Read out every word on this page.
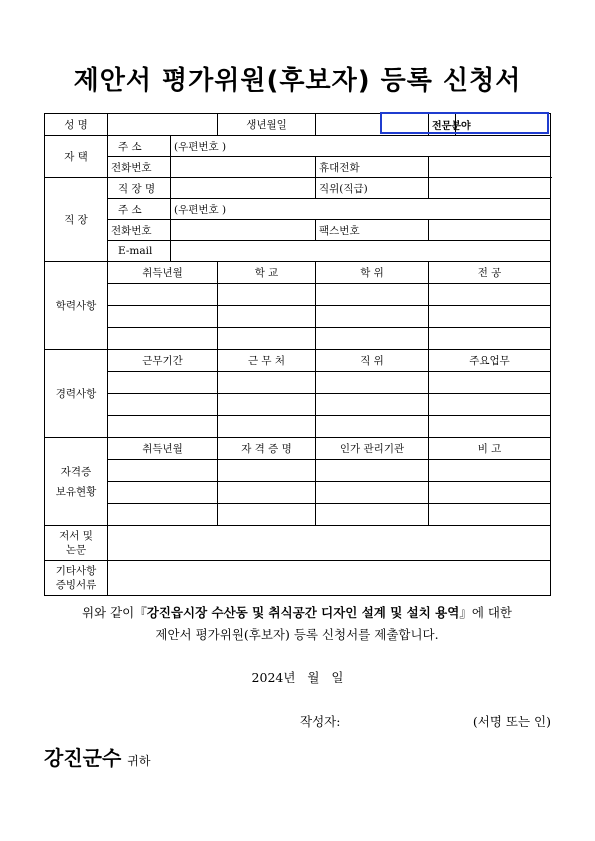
제안서 평가위원(후보자) 등록 신청서
성 명			생년월일		전문분야	
자 택	주 소	(우편번호 )				
	전화번호			휴대전화		
직 장	직 장 명			직위(직급)		
	주 소	(우편번호 )				
	전화번호			팩스번호		
	E-mail					
학력사항	취득년월		학 교	학 위	전 공	

경력사항	근무기간		근 무 처	직 위	주요업무	

자격증
보유현황	취득년월		자 격 증 명	인가 관리기관	비 고	

저서 및
논문						

기타사항
증빙서류						

위와 같이『강진읍시장 수산동 및 취식공간 디자인 설계 및 설치 용역』에 대한
제안서 평가위원(후보자) 등록 신청서를 제출합니다.
2024년   월   일
작성자:	(서명 또는 인)
강진군수 귀하
